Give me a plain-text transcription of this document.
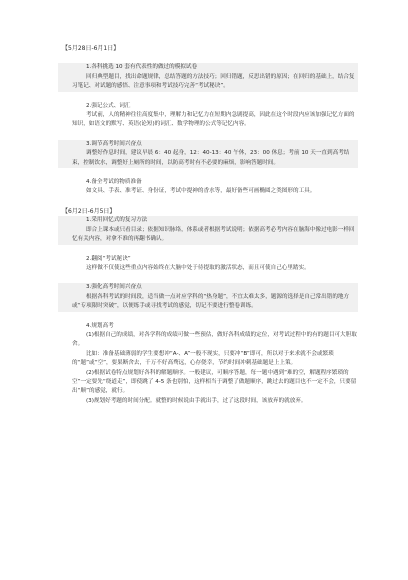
【5月28日-6月1日】

1.各科挑选 10 套有代表性的做过的模拟试卷

回归典型题目，找出命题规律，总结答题的方法技巧；回归错题，反思出错的原因；在回归的基础上，结合复习笔记、对试题的感悟、注意事项和考试技巧完善“考试秘诀”。

2.强记公式、词汇

考试前，人的精神往往高度集中，理解力和记忆力在短期内急剧提高，因此在这个时段内应该加强记忆方面的知识，如语文的默写、英语(论短)的词汇、数学物理的公式等记忆内容。

3.调节高考时间兴奋点

调整好作息时间，建议早晨 6：40 起身，12：40-13：40 午休，23：00 休息；考前 10 天一直到高考结束，控制饮水，调整好上厕所的时间，以防高考时有不必要的麻烦，影响答题时间。

4.备全考试的物质准备

如文具、手表、准考证、身份证，考试中提神的香水等，最好备些可画椭圆之类图形的工具。

【6月2日-6月5日】

1.采用回忆式的复习方法

即合上课本或只看目录；依据知识脉络，体系或者根据考试说明；依据高考必考内容在脑海中像过电影一样回忆有关内容，对拿不准的再翻书确认。

2.翻阅“考试秘诀”

这样做不仅使这些重点内容始终在大脑中处于待提取的激活状态，而且可使自己心里踏实。

3.强化高考时间兴奋点

根据各科考试的时间段，适当做一点对应学科的“热身题”，不宜太难太多，题源的选择是自己常出错的地方或“专项限时突破”，以便练手或寻找考试的感觉，切记不要进行整卷训练。

4.规划高考

(1)根据自己的成绩，对各学科的成绩可做一些预估，做好各科成绩的定位，对考试过程中的有的题目可大胆取舍。

比如：准备基础薄弱的学生要想冲“A-、A”一般不现实，只要冲“B”即可，所以对于来求就不会或繁琐的“题”或“空”，要果断舍去，千万不好高骛远，心存侥幸，节约时间冲刺基础题是上上策。

(2)根据试卷特点规划好各科的解题顺序。一般建议，可顺序答题，每一题中遇到“难的空，解题程序繁琐的空”一定要先“绕道走”，即使跳了 4-5 条也别怕，这样相当于调整了做题顺序，跳过去的题目也不一定不会，只要留出“顺”的感觉，就行。

(3)规划好考题的时间分配。就整的时候说由手就出手，过了这段时间，该放弃的就放弃。
